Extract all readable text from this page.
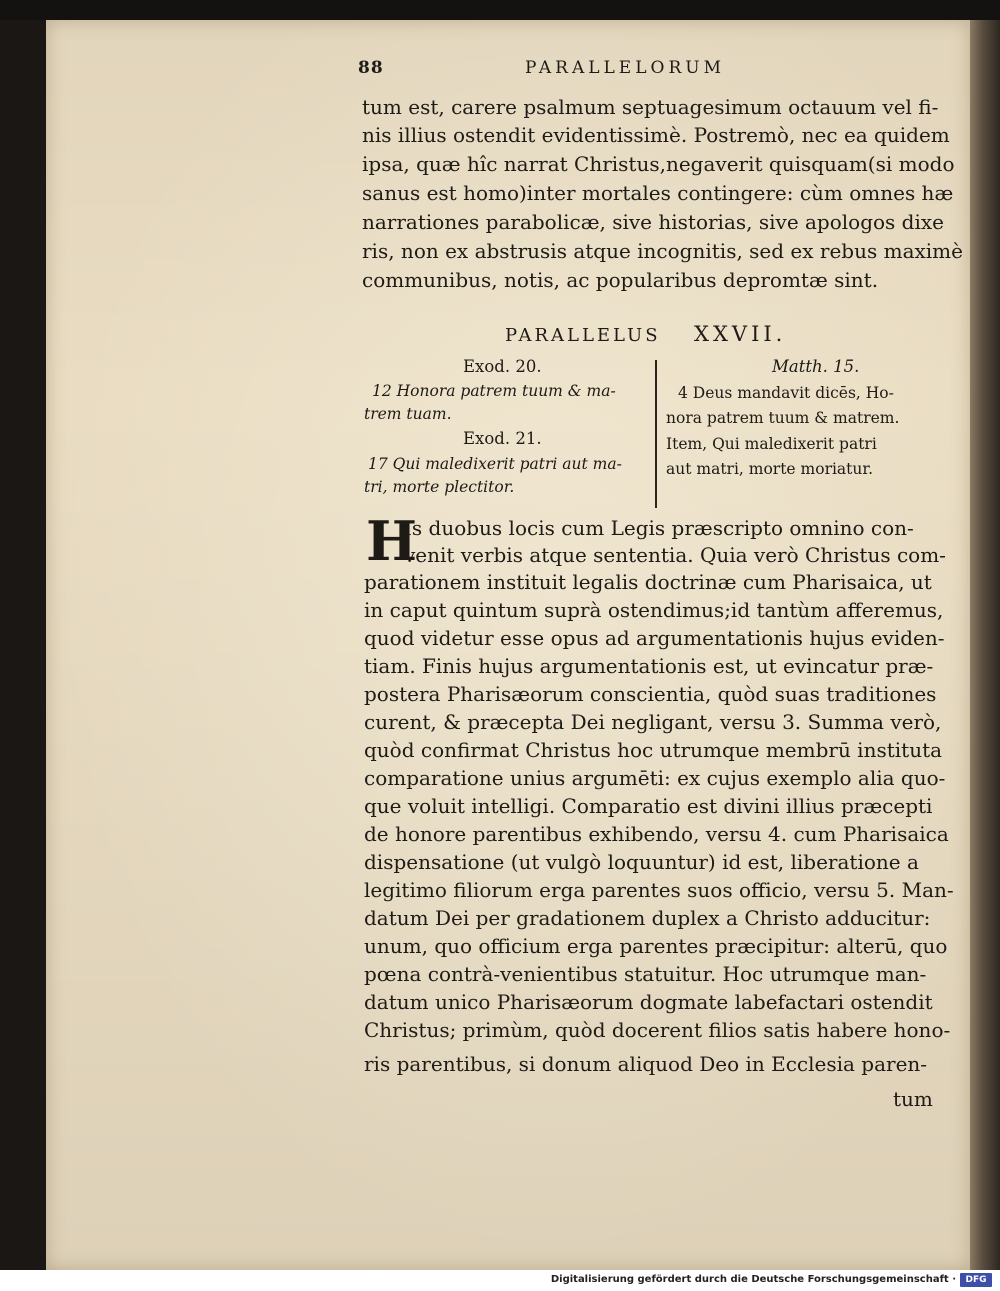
88	PARALLELORUM
tum est, carere psalmum septuagesimum octauum vel fi-
nis illius ostendit evidentissimè. Postremò, nec ea quidem
ipsa, quæ hîc narrat Christus,negaverit quisquam(si modo
sanus est homo)inter mortales contingere: cùm omnes hæ
narrationes parabolicæ, sive historias, sive apologos dixe
ris, non ex abstrusis atque incognitis, sed ex rebus maximè
communibus, notis, ac popularibus depromtæ sint.
PARALLELUS XXVII.
Exod. 20.
12 Honora patrem tuum & ma-
trem tuam.
Exod. 21.
17 Qui maledixerit patri aut ma-
tri, morte plectitor.
Matth. 15.
4 Deus mandavit dicēs, Ho-
nora patrem tuum & matrem.
Item, Qui maledixerit patri
aut matri, morte moriatur.
H
Is duobus locis cum Legis præscripto omnino con-
venit verbis atque sententia. Quia verò Christus com-
parationem instituit legalis doctrinæ cum Pharisaica, ut
in caput quintum suprà ostendimus;id tantùm afferemus,
quod videtur esse opus ad argumentationis hujus eviden-
tiam. Finis hujus argumentationis est, ut evincatur præ-
postera Pharisæorum conscientia, quòd suas traditiones
curent, & præcepta Dei negligant, versu 3. Summa verò,
quòd confirmat Christus hoc utrumque membrū instituta
comparatione unius argumēti: ex cujus exemplo alia quo-
que voluit intelligi. Comparatio est divini illius præcepti
de honore parentibus exhibendo, versu 4. cum Pharisaica
dispensatione (ut vulgò loquuntur) id est, liberatione a
legitimo filiorum erga parentes suos officio, versu 5. Man-
datum Dei per gradationem duplex a Christo adducitur:
unum, quo officium erga parentes præcipitur: alterū, quo
pœna contrà-venientibus statuitur. Hoc utrumque man-
datum unico Pharisæorum dogmate labefactari ostendit
Christus; primùm, quòd docerent filios satis habere hono-
ris parentibus, si donum aliquod Deo in Ecclesia paren-
tum
Digitalisierung gefördert durch die Deutsche Forschungsgemeinschaft ·	DFG
